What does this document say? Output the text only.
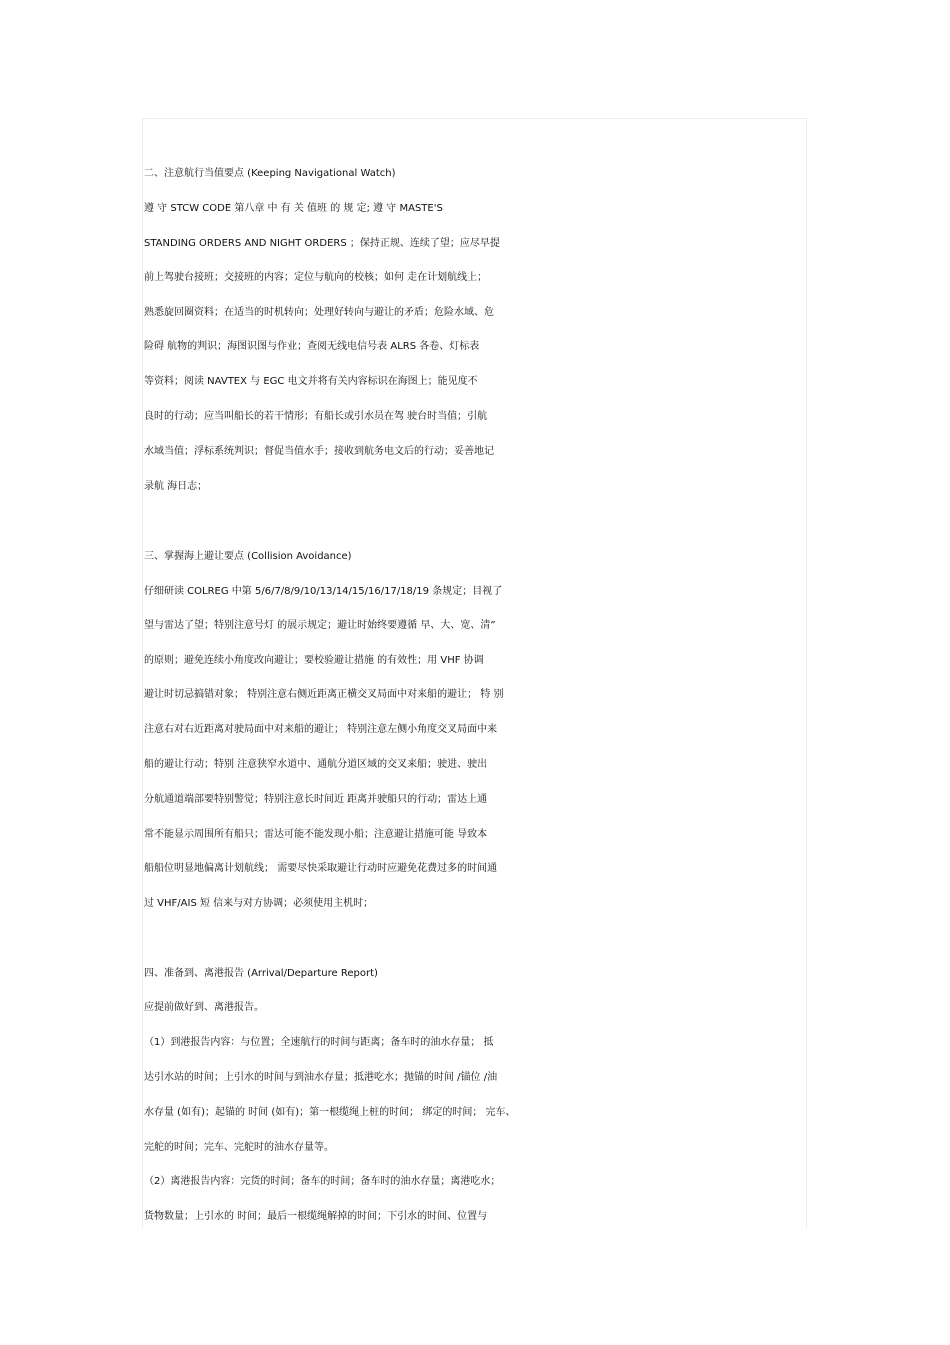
二、注意航行当值要点 (Keeping Navigational Watch)
遵 守 STCW CODE 第八章 中 有 关 值班 的 规 定; 遵 守 MASTE'S
STANDING ORDERS AND NIGHT ORDERS ；保持正规、连续了望；应尽早提
前上驾驶台接班；交接班的内容；定位与航向的校核；如何 走在计划航线上；
熟悉旋回圈资料；在适当的时机转向；处理好转向与避让的矛盾；危险水域、危
险碍 航物的判识；海图识图与作业；查阅无线电信号表 ALRS 各卷、灯标表
等资料；阅读 NAVTEX 与 EGC 电文并将有关内容标识在海图上；能见度不
良时的行动；应当叫船长的若干情形；有船长或引水员在驾 驶台时当值；引航
水域当值；浮标系统判识；督促当值水手；接收到航务电文后的行动；妥善地记
录航 海日志；
三、掌握海上避让要点 (Collision Avoidance)
仔细研读 COLREG 中第 5/6/7/8/9/10/13/14/15/16/17/18/19 条规定；目视了
望与雷达了望；特别注意号灯 的展示规定；避让时始终要遵循 早、大、宽、清”
的原则；避免连续小角度改向避让；要校验避让措施 的有效性；用 VHF 协调
避让时切忌搞错对象； 特别注意右侧近距离正横交叉局面中对来船的避让； 特 别
注意右对右近距离对驶局面中对来船的避让； 特别注意左侧小角度交叉局面中来
船的避让行动；特别 注意狭窄水道中、通航分道区域的交叉来船；驶进、驶出
分航通道端部要特别警觉；特别注意长时间近 距离并驶船只的行动；雷达上通
常不能显示周围所有船只；雷达可能不能发现小船；注意避让措施可能 导致本
船船位明显地偏离计划航线； 需要尽快采取避让行动时应避免花费过多的时间通
过 VHF/AIS 短 信来与对方协调；必须使用主机时；
四、准备到、离港报告 (Arrival/Departure Report)
应提前做好到、离港报告。
（1）到港报告内容：与位置；全速航行的时间与距离；备车时的油水存量； 抵
达引水站的时间；上引水的时间与到油水存量；抵港吃水；抛锚的时间 /锚位 /油
水存量 (如有)；起锚的 时间 (如有)；第一根缆绳上桩的时间； 绑定的时间； 完车、
完舵的时间；完车、完舵时的油水存量等。
（2）离港报告内容：完货的时间；备车的时间；备车时的油水存量；离港吃水；
货物数量；上引水的 时间；最后一根缆绳解掉的时间；下引水的时间、位置与
